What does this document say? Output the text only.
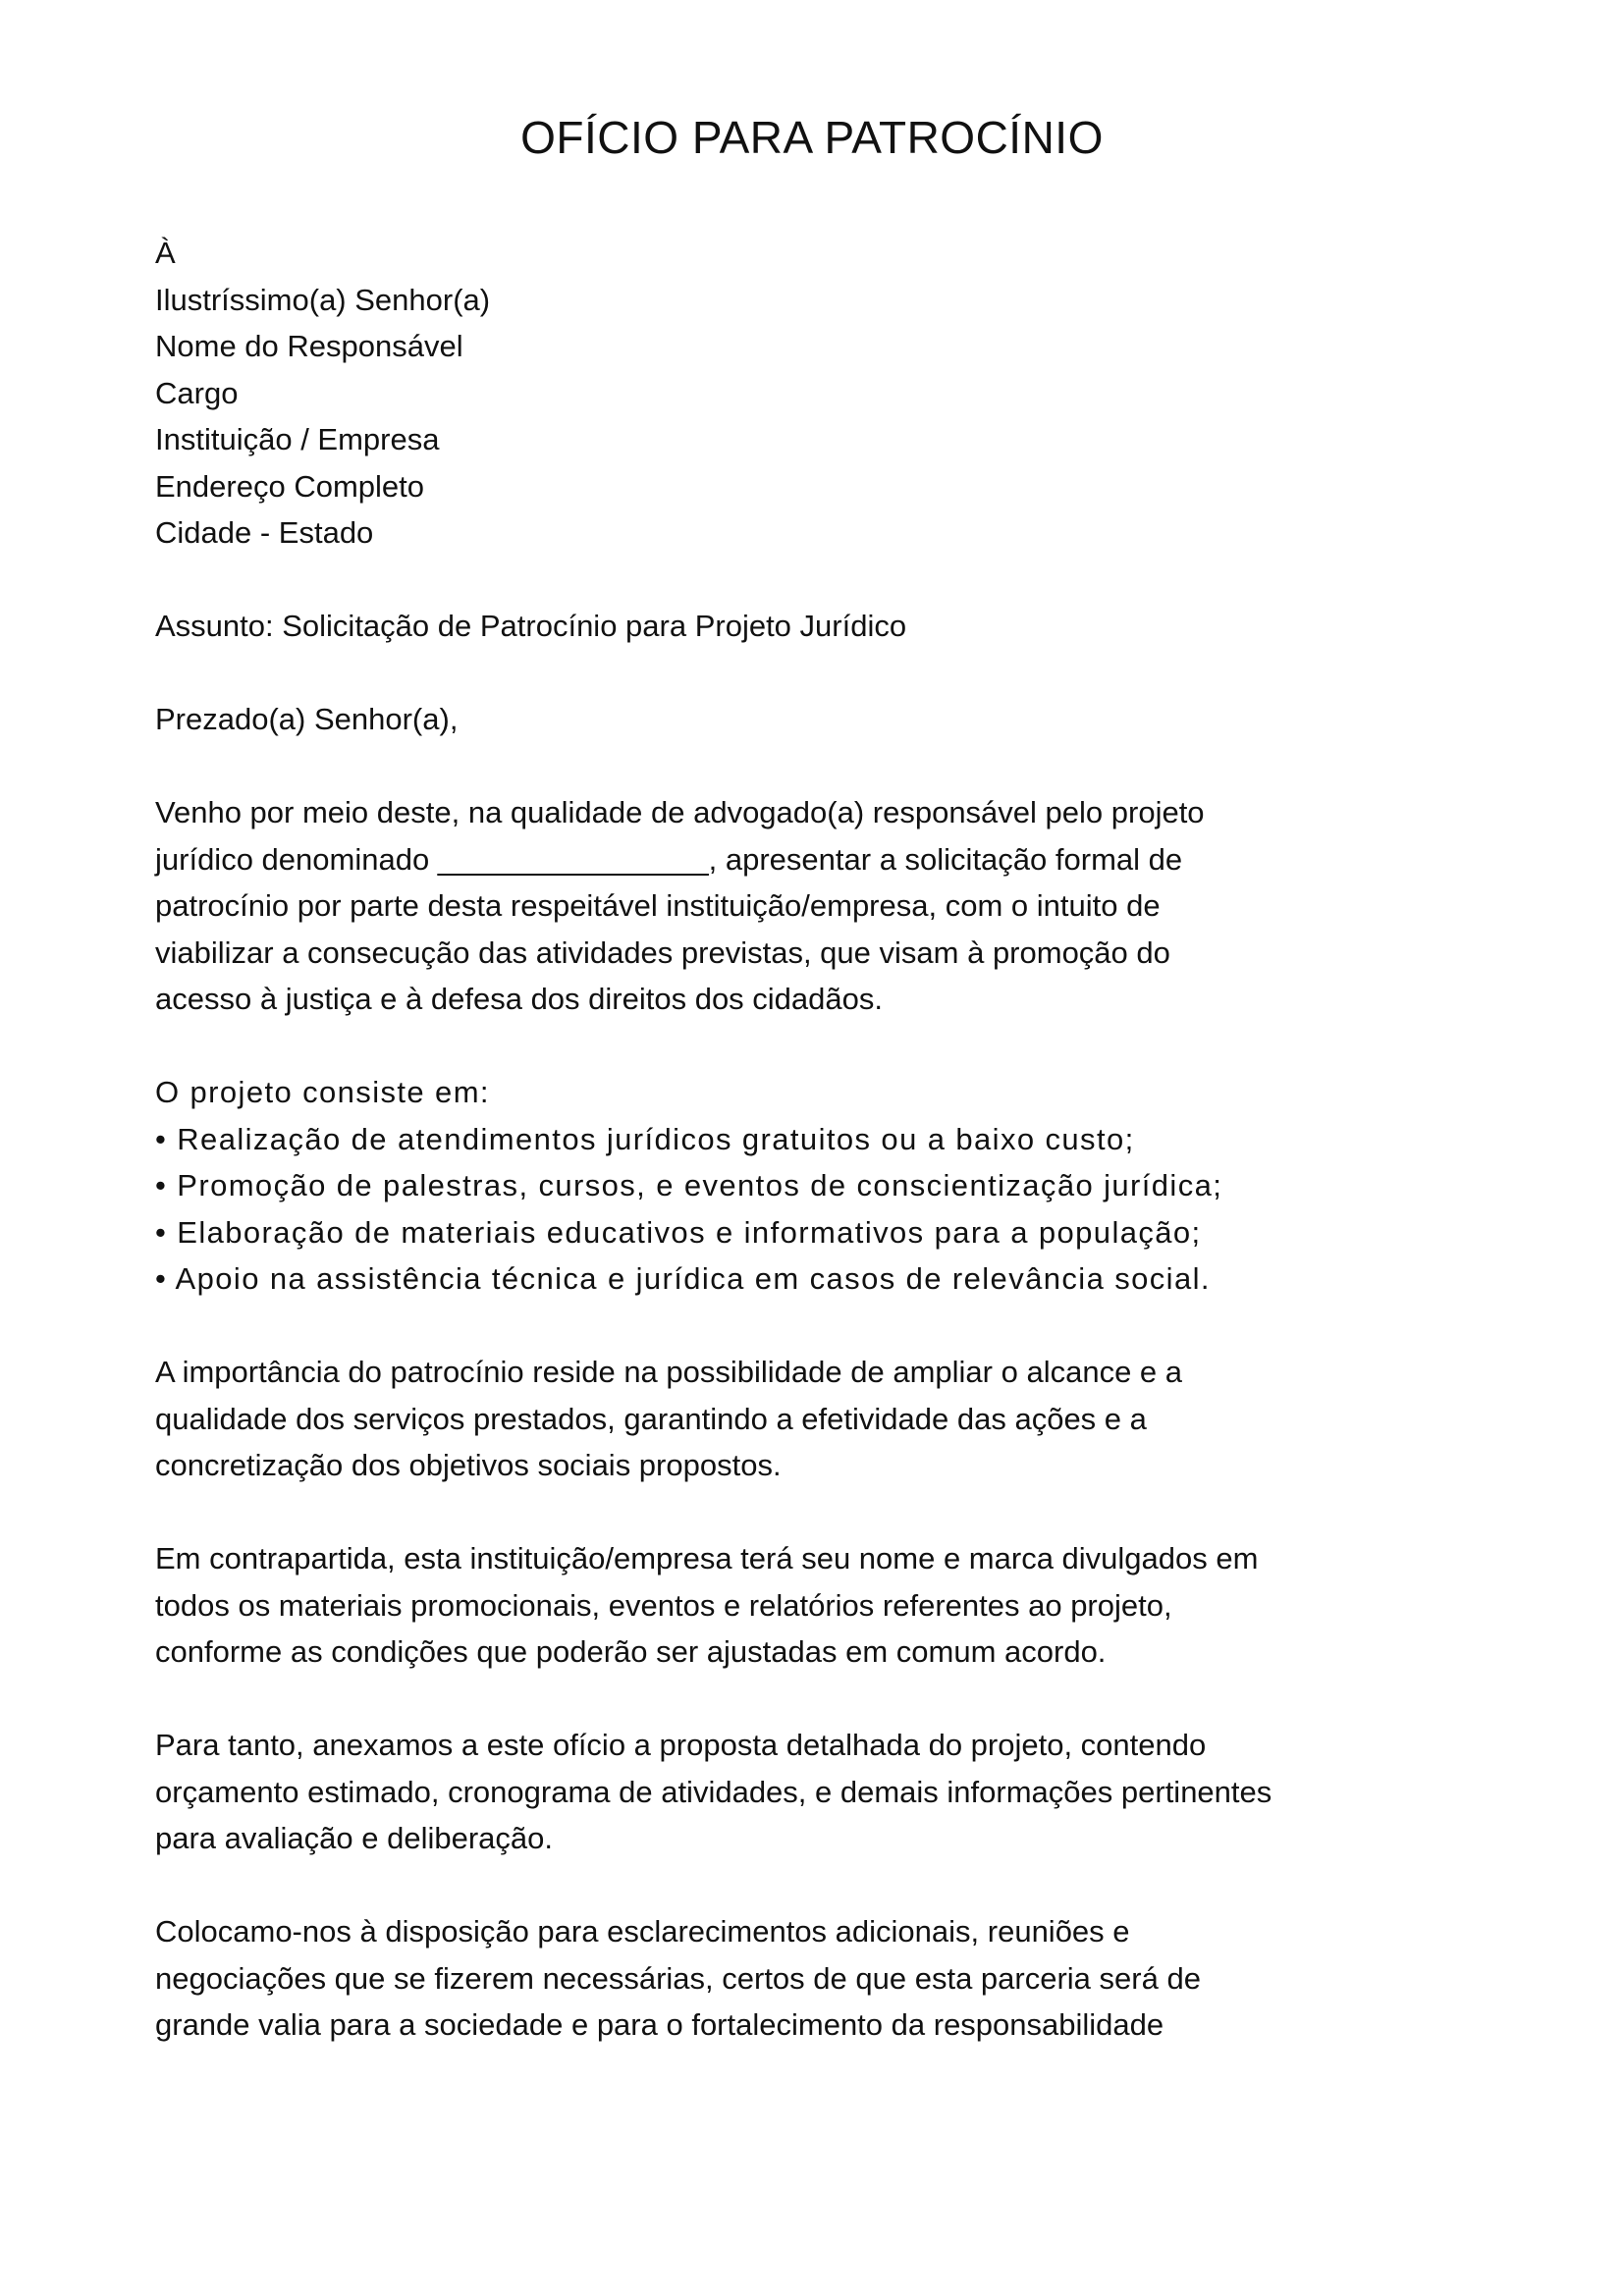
OFÍCIO PARA PATROCÍNIO
À
Ilustríssimo(a) Senhor(a)
Nome do Responsável
Cargo
Instituição / Empresa
Endereço Completo
Cidade - Estado
Assunto: Solicitação de Patrocínio para Projeto Jurídico
Prezado(a) Senhor(a),
Venho por meio deste, na qualidade de advogado(a) responsável pelo projeto
jurídico denominado ________________, apresentar a solicitação formal de
patrocínio por parte desta respeitável instituição/empresa, com o intuito de
viabilizar a consecução das atividades previstas, que visam à promoção do
acesso à justiça e à defesa dos direitos dos cidadãos.
O projeto consiste em:
• Realização de atendimentos jurídicos gratuitos ou a baixo custo;
• Promoção de palestras, cursos, e eventos de conscientização jurídica;
• Elaboração de materiais educativos e informativos para a população;
• Apoio na assistência técnica e jurídica em casos de relevância social.
A importância do patrocínio reside na possibilidade de ampliar o alcance e a
qualidade dos serviços prestados, garantindo a efetividade das ações e a
concretização dos objetivos sociais propostos.
Em contrapartida, esta instituição/empresa terá seu nome e marca divulgados em
todos os materiais promocionais, eventos e relatórios referentes ao projeto,
conforme as condições que poderão ser ajustadas em comum acordo.
Para tanto, anexamos a este ofício a proposta detalhada do projeto, contendo
orçamento estimado, cronograma de atividades, e demais informações pertinentes
para avaliação e deliberação.
Colocamo-nos à disposição para esclarecimentos adicionais, reuniões e
negociações que se fizerem necessárias, certos de que esta parceria será de
grande valia para a sociedade e para o fortalecimento da responsabilidade
